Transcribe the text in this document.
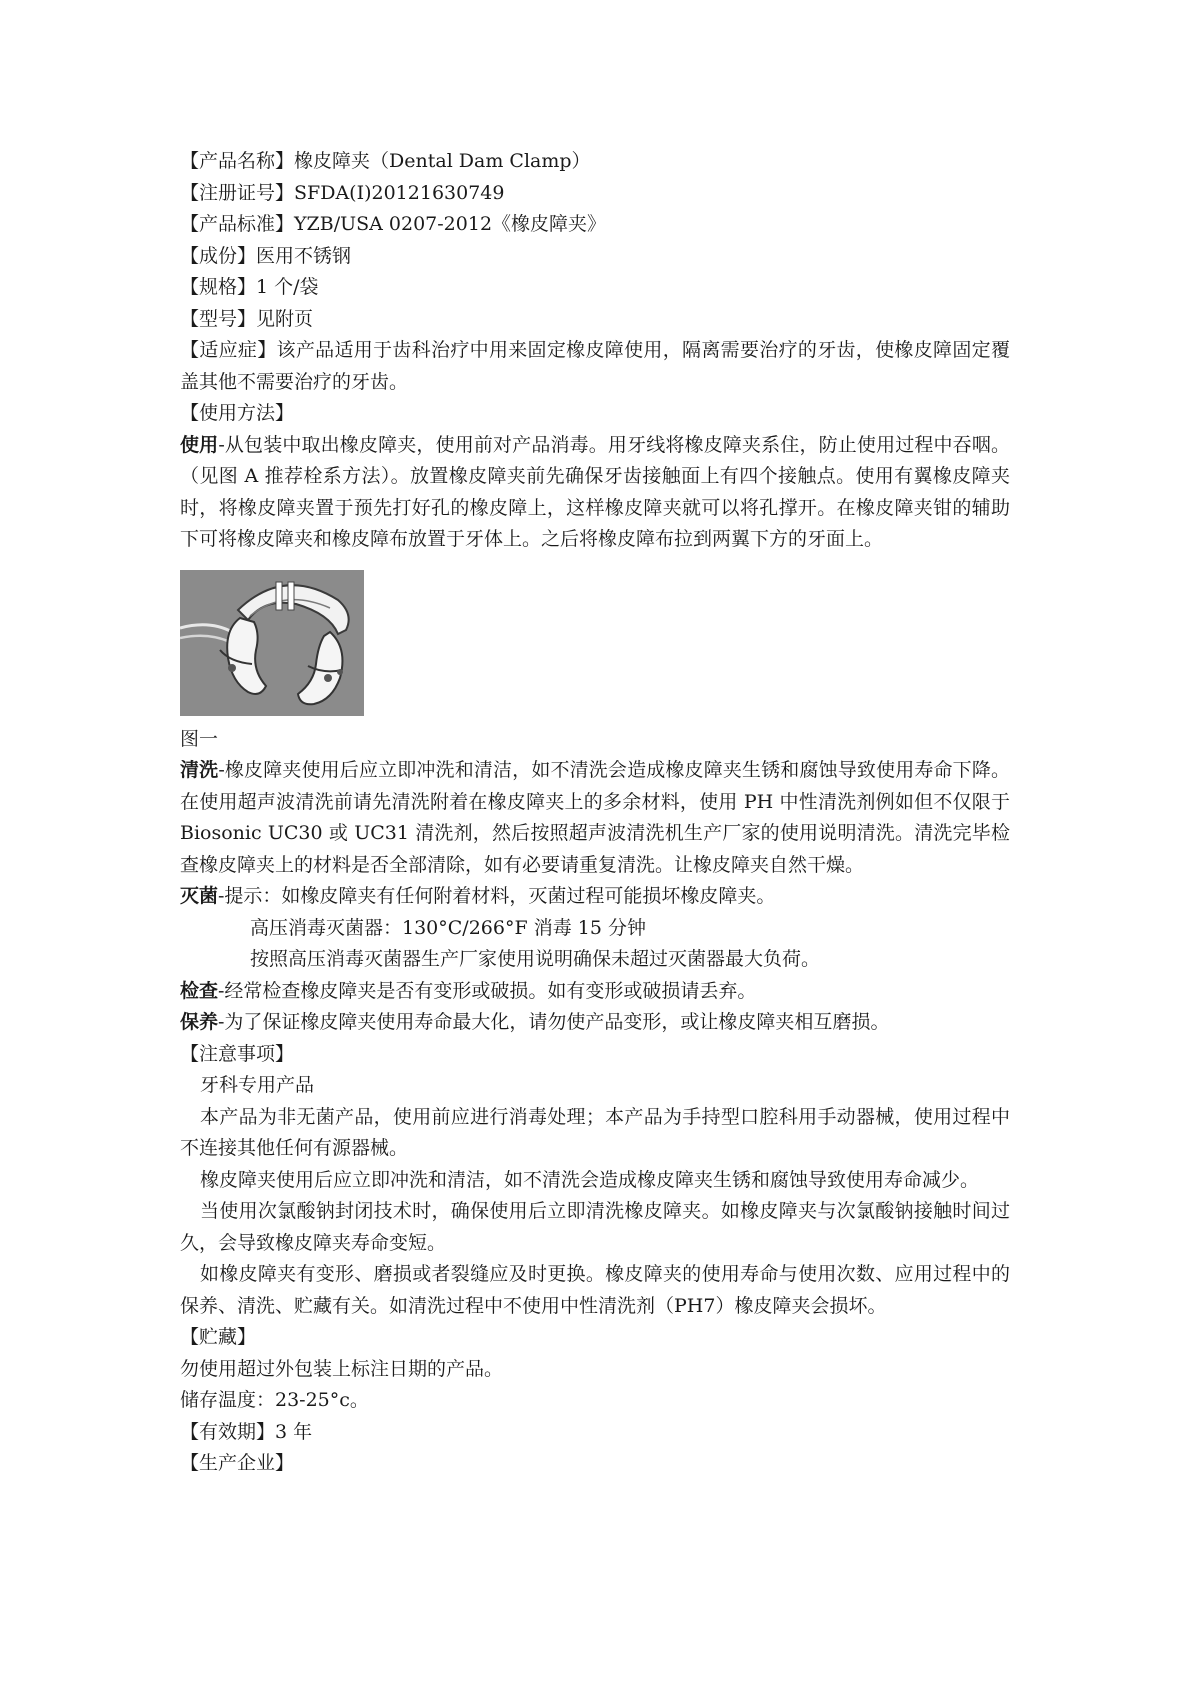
【产品名称】橡皮障夹（Dental Dam Clamp）
【注册证号】SFDA(I)20121630749
【产品标准】YZB/USA 0207-2012《橡皮障夹》
【成份】医用不锈钢
【规格】1 个/袋
【型号】见附页
【适应症】该产品适用于齿科治疗中用来固定橡皮障使用，隔离需要治疗的牙齿，使橡皮障固定覆盖其他不需要治疗的牙齿。
【使用方法】
使用-从包装中取出橡皮障夹，使用前对产品消毒。用牙线将橡皮障夹系住，防止使用过程中吞咽。（见图 A 推荐栓系方法）。放置橡皮障夹前先确保牙齿接触面上有四个接触点。使用有翼橡皮障夹时，将橡皮障夹置于预先打好孔的橡皮障上，这样橡皮障夹就可以将孔撑开。在橡皮障夹钳的辅助下可将橡皮障夹和橡皮障布放置于牙体上。之后将橡皮障布拉到两翼下方的牙面上。
图一
清洗-橡皮障夹使用后应立即冲洗和清洁，如不清洗会造成橡皮障夹生锈和腐蚀导致使用寿命下降。在使用超声波清洗前请先清洗附着在橡皮障夹上的多余材料，使用 PH 中性清洗剂例如但不仅限于 Biosonic UC30 或 UC31 清洗剂，然后按照超声波清洗机生产厂家的使用说明清洗。清洗完毕检查橡皮障夹上的材料是否全部清除，如有必要请重复清洗。让橡皮障夹自然干燥。
灭菌-提示：如橡皮障夹有任何附着材料，灭菌过程可能损坏橡皮障夹。
高压消毒灭菌器：130°C/266°F 消毒 15 分钟
按照高压消毒灭菌器生产厂家使用说明确保未超过灭菌器最大负荷。
检查-经常检查橡皮障夹是否有变形或破损。如有变形或破损请丢弃。
保养-为了保证橡皮障夹使用寿命最大化，请勿使产品变形，或让橡皮障夹相互磨损。
【注意事项】
牙科专用产品
本产品为非无菌产品，使用前应进行消毒处理；本产品为手持型口腔科用手动器械，使用过程中不连接其他任何有源器械。
橡皮障夹使用后应立即冲洗和清洁，如不清洗会造成橡皮障夹生锈和腐蚀导致使用寿命减少。
当使用次氯酸钠封闭技术时，确保使用后立即清洗橡皮障夹。如橡皮障夹与次氯酸钠接触时间过久，会导致橡皮障夹寿命变短。
如橡皮障夹有变形、磨损或者裂缝应及时更换。橡皮障夹的使用寿命与使用次数、应用过程中的保养、清洗、贮藏有关。如清洗过程中不使用中性清洗剂（PH7）橡皮障夹会损坏。
【贮藏】
勿使用超过外包装上标注日期的产品。
储存温度：23-25°c。
【有效期】3 年
【生产企业】
